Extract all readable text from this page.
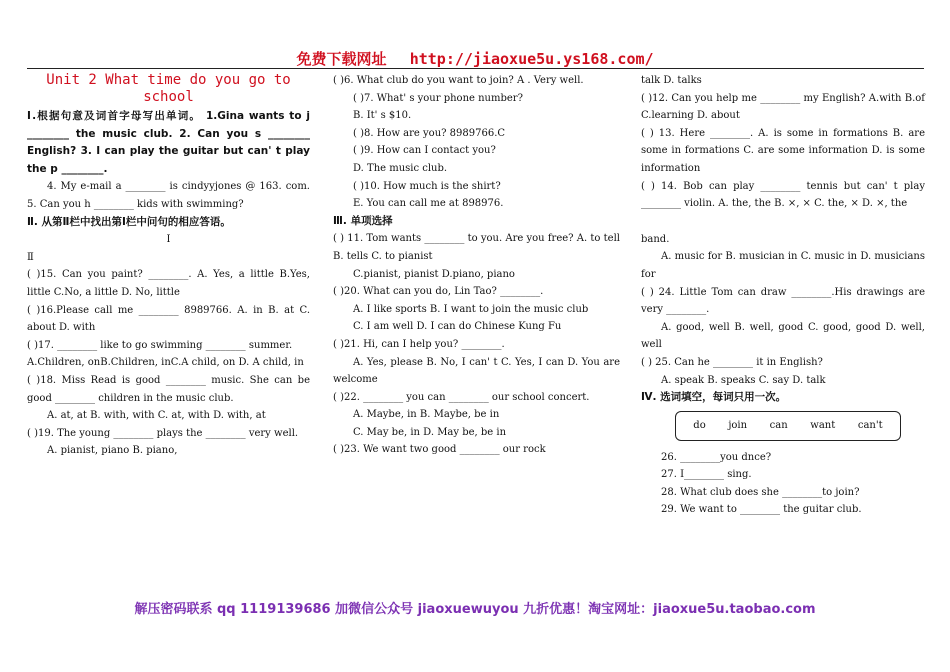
免费下载网址 http://jiaoxue5u.ys168.com/
Unit 2 What time do you go to school

Ⅰ.根据句意及词首字母写出单词。 1.Gina wants to j ________ the music club. 2. Can you s ________ English? 3. I can play the guitar but can' t play the p ________.

4. My e-mail a ________ is cindyyjones @ 163. com. 5. Can you h ________ kids with swimming?

Ⅱ. 从第Ⅱ栏中找出第Ⅰ栏中问句的相应答语。

Ⅰ

Ⅱ

( )15. Can you paint? ________. A. Yes, a little B.Yes, little C.No, a little D. No, little

( )16.Please call me ________ 8989766. A. in B. at C. about D. with

( )17. ________ like to go swimming ________ summer.

A.Children, onB.Children, inC.A child, on D. A child, in

( )18. Miss Read is good ________ music. She can be good ________ children in the music club.

A. at, at B. with, with C. at, with D. with, at

( )19. The young ________ plays the ________ very well.

A. pianist, piano B. piano,

( )6. What club do you want to join? A . Very well.

( )7. What' s your phone number?

B. It' s $10.

( )8. How are you? 8989766.C

( )9. How can I contact you?

D. The music club.

( )10. How much is the shirt?

E. You can call me at 898976.

Ⅲ. 单项选择

( ) 11. Tom wants ________ to you. Are you free? A. to tell B. tells C. to pianist

C.pianist, pianist D.piano, piano

( )20. What can you do, Lin Tao? ________.

A. I like sports B. I want to join the music club

C. I am well D. I can do Chinese Kung Fu

( )21. Hi, can I help you? ________.

A. Yes, please B. No, I can' t C. Yes, I can D. You are welcome

( )22. ________ you can ________ our school concert.

A. Maybe, in B. Maybe, be in

C. May be, in D. May be, be in

( )23. We want two good ________ our rock

talk D. talks

( )12. Can you help me ________ my English? A.with B.of C.learning D. about

( ) 13. Here ________. A. is some in formations B. are some in formations C. are some information D. is some information

( ) 14. Bob can play ________ tennis but can' t play ________ violin. A. the, the B. ×, × C. the, × D. ×, the

band.

A. music for B. musician in C. music in D. musicians for

( ) 24. Little Tom can draw ________.His drawings are very ________.

A. good, well B. well, good C. good, good D. well, well

( ) 25. Can he ________ it in English?

A. speak B. speaks C. say D. talk

Ⅳ. 选词填空，每词只用一次。

do join can want can't

26. ________you dnce?

27. I________ sing.

28. What club does she ________to join?

29. We want to ________ the guitar club.

解压密码联系 qq 1119139686 加微信公众号 jiaoxuewuyou 九折优惠！淘宝网址：jiaoxue5u.taobao.com
